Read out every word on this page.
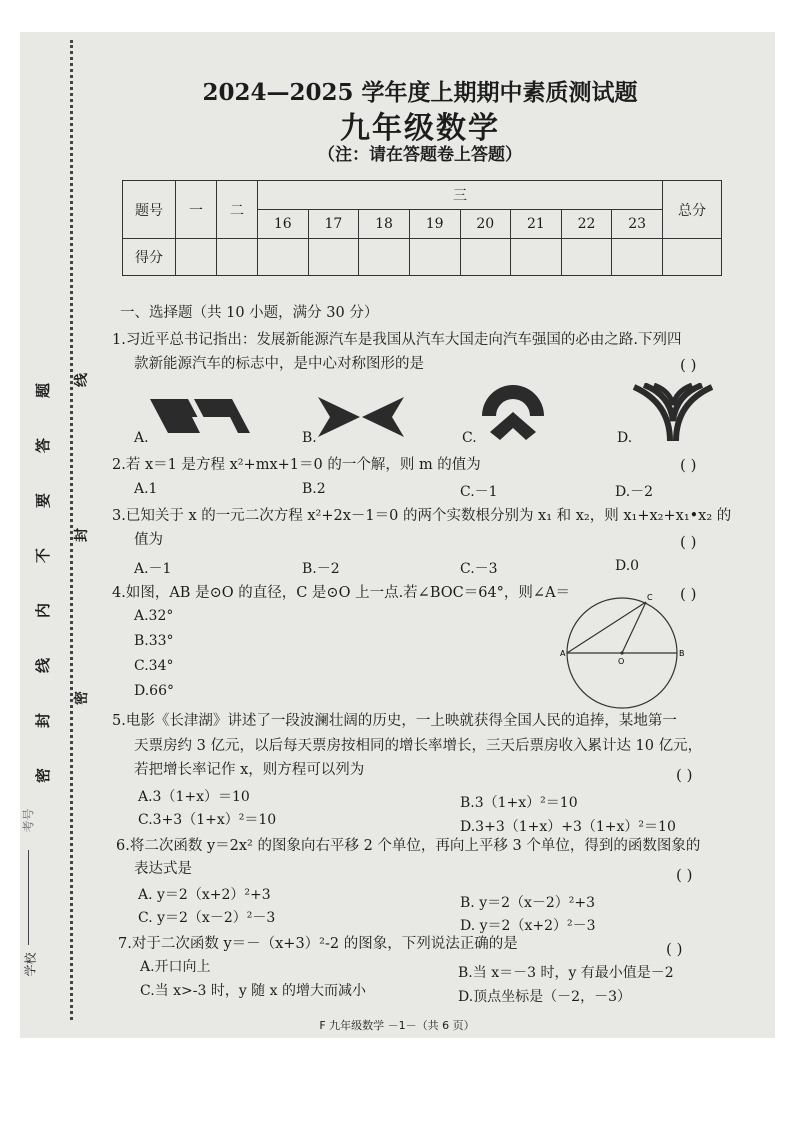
题
答
要
不
内
线
封
密
线
封
密
考号
学校
2024—2025 学年度上期期中素质测试题
九年级数学
（注：请在答题卷上答题）
题号	一	二	三								总分
			16	17	18	19	20	21	22	23	
得分											
一、选择题（共 10 小题，满分 30 分）
1.习近平总书记指出：发展新能源汽车是我国从汽车大国走向汽车强国的必由之路.下列四
款新能源汽车的标志中，是中心对称图形的是	( )
A.	B.	C.	D.
2.若 x＝1 是方程 x²+mx+1＝0 的一个解，则 m 的值为	( )
A.1	B.2	C.－1	D.－2
3.已知关于 x 的一元二次方程 x²+2x－1＝0 的两个实数根分别为 x₁ 和 x₂，则 x₁+x₂+x₁•x₂ 的
值为	( )
A.－1	B.－2	C.－3	D.0
4.如图，AB 是⊙O 的直径，C 是⊙O 上一点.若∠BOC＝64°，则∠A＝	( )
A.32°
B.33°
C.34°
D.66°
A	B
C
O
5.电影《长津湖》讲述了一段波澜壮阔的历史，一上映就获得全国人民的追捧，某地第一
天票房约 3 亿元，以后每天票房按相同的增长率增长，三天后票房收入累计达 10 亿元，
若把增长率记作 x，则方程可以列为	( )
A.3（1+x）＝10	B.3（1+x）²＝10
C.3+3（1+x）²＝10	D.3+3（1+x）+3（1+x）²＝10
6.将二次函数 y＝2x² 的图象向右平移 2 个单位，再向上平移 3 个单位，得到的函数图象的
表达式是	( )
A. y＝2（x+2）²+3	B. y＝2（x－2）²+3
C. y＝2（x－2）²－3	D. y＝2（x+2）²－3
7.对于二次函数 y＝－（x+3）²-2 的图象，下列说法正确的是	( )
A.开口向上	B.当 x＝－3 时，y 有最小值是－2
C.当 x>-3 时，y 随 x 的增大而减小	D.顶点坐标是（－2，－3）
F 九年级数学 －1－（共 6 页）
